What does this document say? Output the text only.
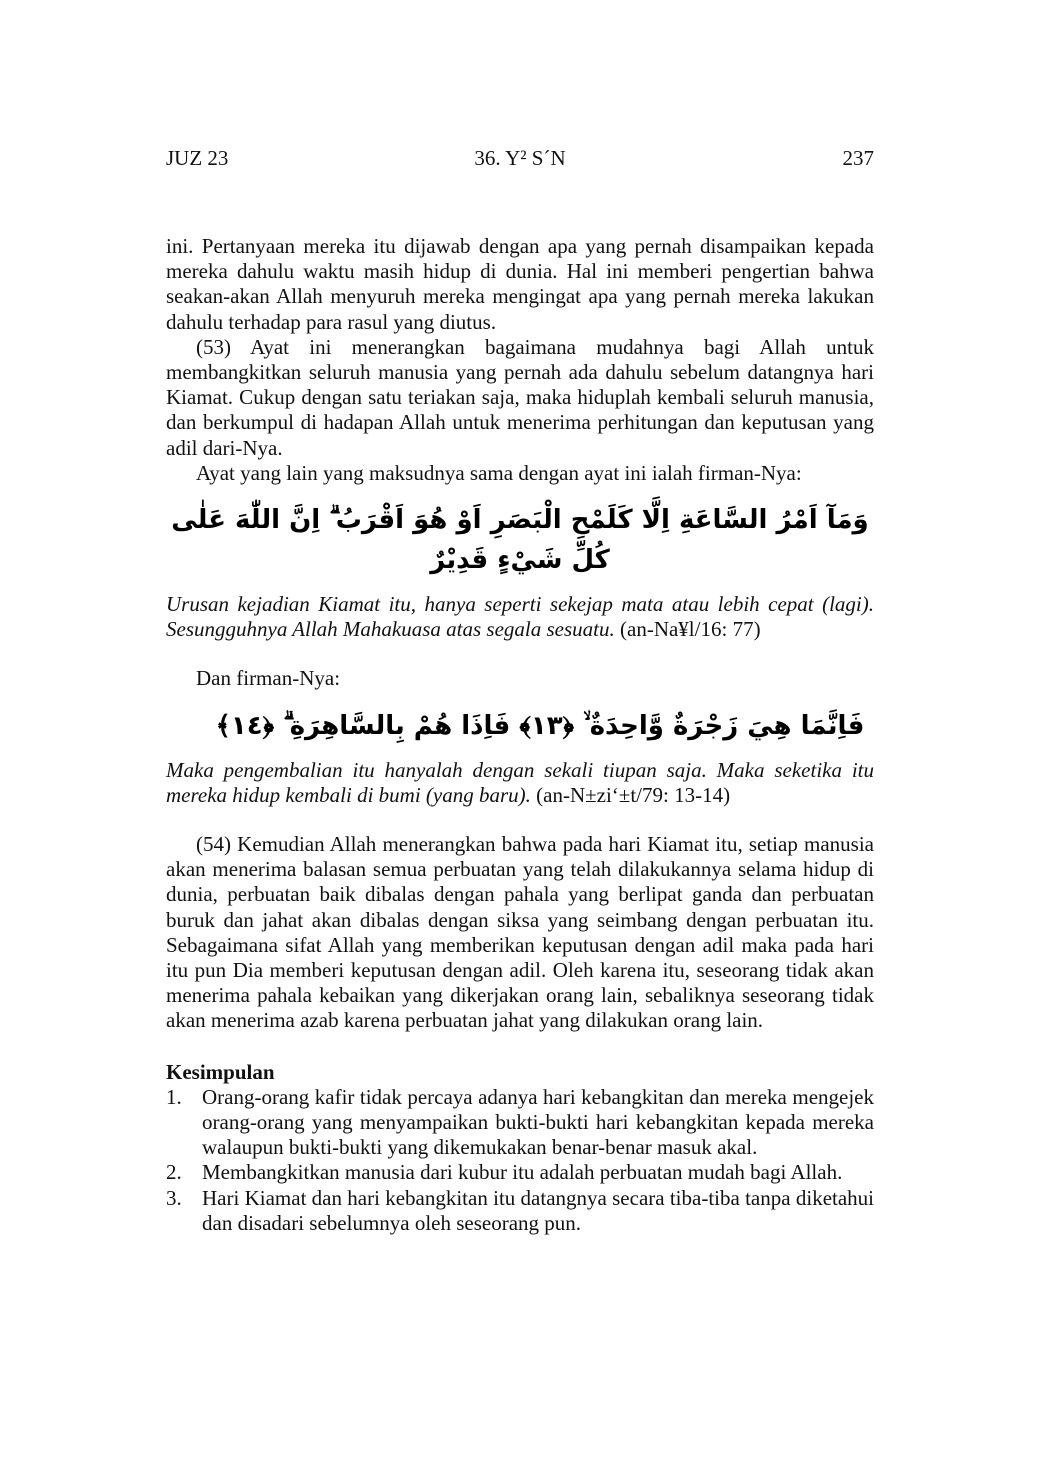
JUZ 23	36. Y² S´N	237

ini. Pertanyaan mereka itu dijawab dengan apa yang pernah disampaikan kepada mereka dahulu waktu masih hidup di dunia. Hal ini memberi pengertian bahwa seakan-akan Allah menyuruh mereka mengingat apa yang pernah mereka lakukan dahulu terhadap para rasul yang diutus.

(53) Ayat ini menerangkan bagaimana mudahnya bagi Allah untuk membangkitkan seluruh manusia yang pernah ada dahulu sebelum datangnya hari Kiamat. Cukup dengan satu teriakan saja, maka hiduplah kembali seluruh manusia, dan berkumpul di hadapan Allah untuk menerima perhitungan dan keputusan yang adil dari-Nya.

Ayat yang lain yang maksudnya sama dengan ayat ini ialah firman-Nya:

وَمَآ اَمْرُ السَّاعَةِ اِلَّا كَلَمْحِ الْبَصَرِ اَوْ هُوَ اَقْرَبُ ۗ اِنَّ اللّٰهَ عَلٰى كُلِّ شَيْءٍ قَدِيْرٌ

Urusan kejadian Kiamat itu, hanya seperti sekejap mata atau lebih cepat (lagi). Sesungguhnya Allah Mahakuasa atas segala sesuatu. (an-Na¥l/16: 77)

Dan firman-Nya:

فَاِنَّمَا هِيَ زَجْرَةٌ وَّاحِدَةٌ ۙ ﴿١٣﴾ فَاِذَا هُمْ بِالسَّاهِرَةِ ۗ ﴿١٤﴾

Maka pengembalian itu hanyalah dengan sekali tiupan saja. Maka seketika itu mereka hidup kembali di bumi (yang baru). (an-N±zi‘±t/79: 13-14)

(54) Kemudian Allah menerangkan bahwa pada hari Kiamat itu, setiap manusia akan menerima balasan semua perbuatan yang telah dilakukannya selama hidup di dunia, perbuatan baik dibalas dengan pahala yang berlipat ganda dan perbuatan buruk dan jahat akan dibalas dengan siksa yang seimbang dengan perbuatan itu. Sebagaimana sifat Allah yang memberikan keputusan dengan adil maka pada hari itu pun Dia memberi keputusan dengan adil. Oleh karena itu, seseorang tidak akan menerima pahala kebaikan yang dikerjakan orang lain, sebaliknya seseorang tidak akan menerima azab karena perbuatan jahat yang dilakukan orang lain.

Kesimpulan

1. Orang-orang kafir tidak percaya adanya hari kebangkitan dan mereka mengejek orang-orang yang menyampaikan bukti-bukti hari kebangkitan kepada mereka walaupun bukti-bukti yang dikemukakan benar-benar masuk akal.
2. Membangkitkan manusia dari kubur itu adalah perbuatan mudah bagi Allah.
3. Hari Kiamat dan hari kebangkitan itu datangnya secara tiba-tiba tanpa diketahui dan disadari sebelumnya oleh seseorang pun.
